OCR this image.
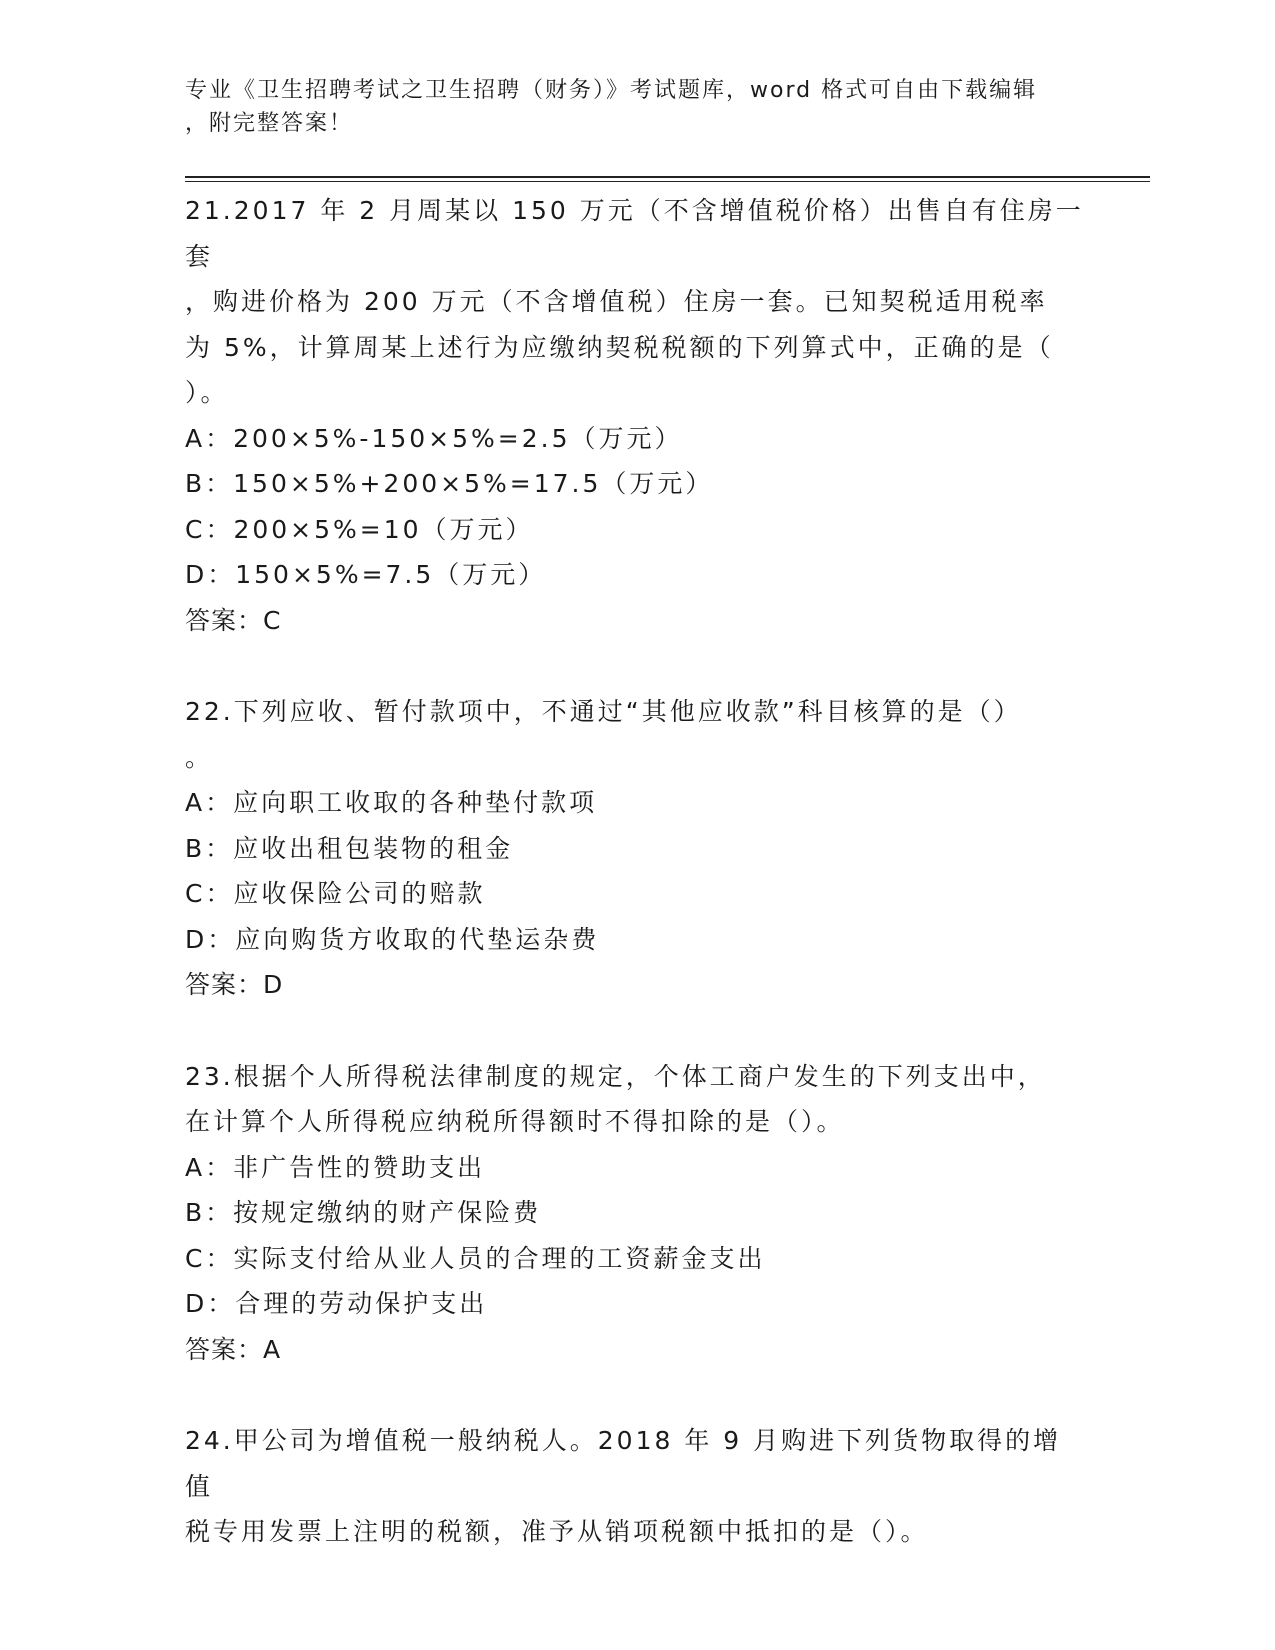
专业《卫生招聘考试之卫生招聘（财务）》考试题库，word 格式可自由下载编辑
，附完整答案！
21.2017 年 2 月周某以 150 万元（不含增值税价格）出售自有住房一套
，购进价格为 200 万元（不含增值税）住房一套。已知契税适用税率
为 5%，计算周某上述行为应缴纳契税税额的下列算式中，正确的是（
）。
A：200×5%-150×5%=2.5（万元）
B：150×5%+200×5%=17.5（万元）
C：200×5%=10（万元）
D：150×5%=7.5（万元）
答案：C
22.下列应收、暂付款项中，不通过“其他应收款”科目核算的是（）
。
A：应向职工收取的各种垫付款项
B：应收出租包装物的租金
C：应收保险公司的赔款
D：应向购货方收取的代垫运杂费
答案：D
23.根据个人所得税法律制度的规定，个体工商户发生的下列支出中，
在计算个人所得税应纳税所得额时不得扣除的是（）。
A：非广告性的赞助支出
B：按规定缴纳的财产保险费
C：实际支付给从业人员的合理的工资薪金支出
D：合理的劳动保护支出
答案：A
24.甲公司为增值税一般纳税人。2018 年 9 月购进下列货物取得的增值
税专用发票上注明的税额，准予从销项税额中抵扣的是（）。
